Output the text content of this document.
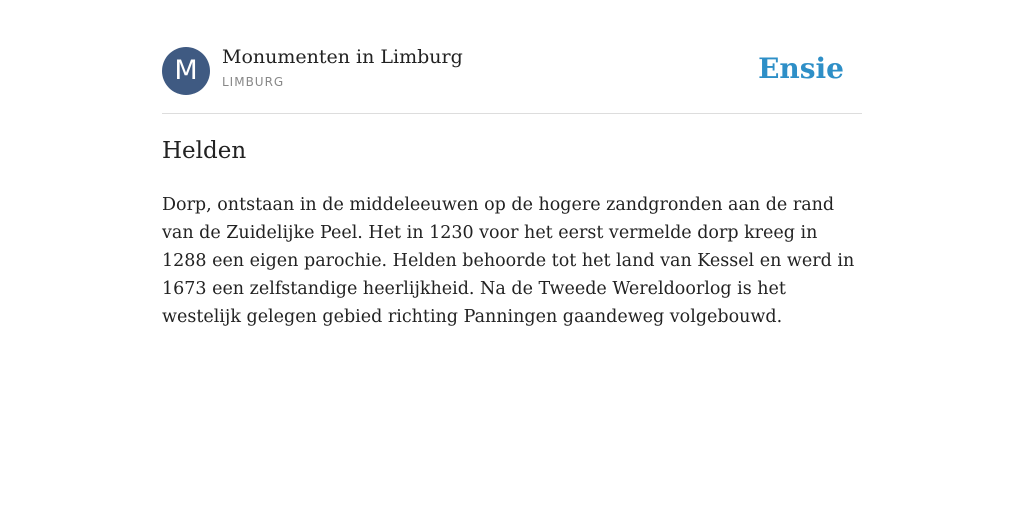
M	Monumenten in Limburg
LIMBURG	Ensie
Helden

Dorp, ontstaan in de middeleeuwen op de hogere zandgronden aan de rand van de Zuidelijke Peel. Het in 1230 voor het eerst vermelde dorp kreeg in 1288 een eigen parochie. Helden behoorde tot het land van Kessel en werd in 1673 een zelfstandige heerlijkheid. Na de Tweede Wereldoorlog is het westelijk gelegen gebied richting Panningen gaandeweg volgebouwd.
